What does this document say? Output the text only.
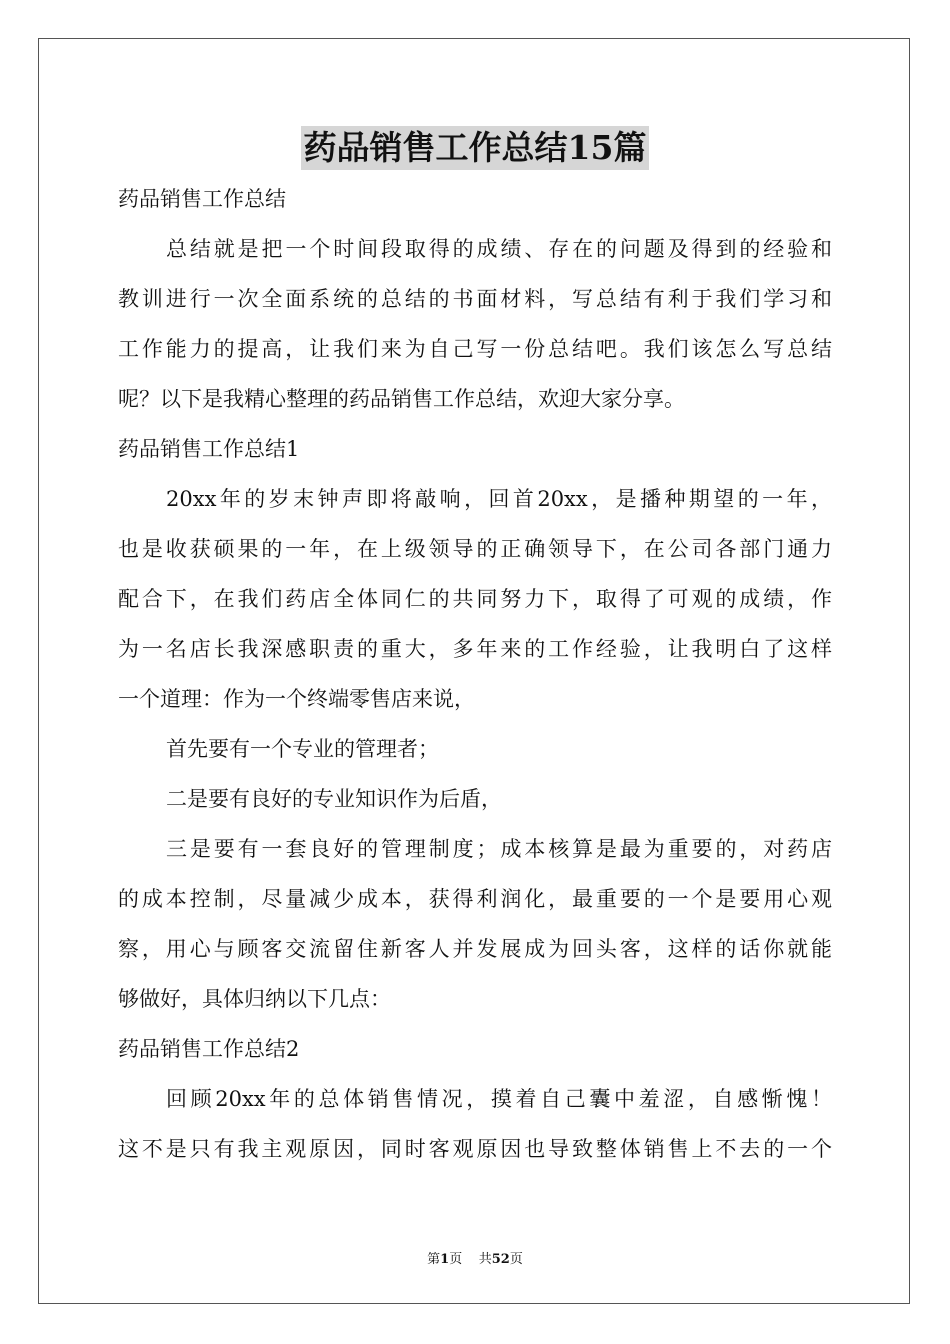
药品销售工作总结15篇
药品销售工作总结
总结就是把一个时间段取得的成绩、存在的问题及得到的经验和
教训进行一次全面系统的总结的书面材料，写总结有利于我们学习和
工作能力的提高，让我们来为自己写一份总结吧。我们该怎么写总结
呢？以下是我精心整理的药品销售工作总结，欢迎大家分享。
药品销售工作总结1
20xx年的岁末钟声即将敲响，回首20xx，是播种期望的一年，
也是收获硕果的一年，在上级领导的正确领导下，在公司各部门通力
配合下，在我们药店全体同仁的共同努力下，取得了可观的成绩，作
为一名店长我深感职责的重大，多年来的工作经验，让我明白了这样
一个道理：作为一个终端零售店来说，
首先要有一个专业的管理者；
二是要有良好的专业知识作为后盾，
三是要有一套良好的管理制度；成本核算是最为重要的，对药店
的成本控制，尽量减少成本，获得利润化，最重要的一个是要用心观
察，用心与顾客交流留住新客人并发展成为回头客，这样的话你就能
够做好，具体归纳以下几点：
药品销售工作总结2
回顾20xx年的总体销售情况，摸着自己囊中羞涩，自感惭愧！
这不是只有我主观原因，同时客观原因也导致整体销售上不去的一个
第1页 共52页
